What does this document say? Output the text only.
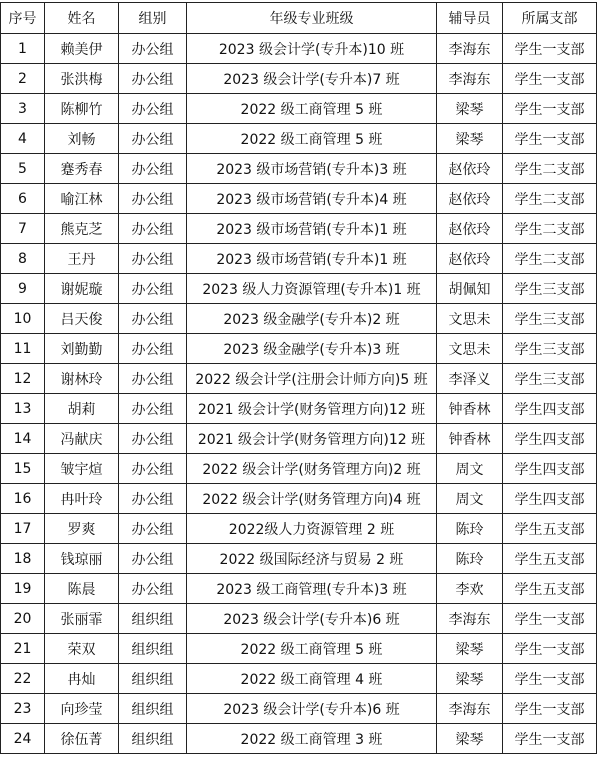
序号	姓名	组别	年级专业班级	辅导员	所属支部
1	赖美伊	办公组	2023 级会计学(专升本)10 班	李海东	学生一支部
2	张洪梅	办公组	2023 级会计学(专升本)7 班	李海东	学生一支部
3	陈柳竹	办公组	2022 级工商管理 5 班	梁琴	学生一支部
4	刘畅	办公组	2022 级工商管理 5 班	梁琴	学生一支部
5	蹇秀春	办公组	2023 级市场营销(专升本)3 班	赵依玲	学生二支部
6	喻江林	办公组	2023 级市场营销(专升本)4 班	赵依玲	学生二支部
7	熊克芝	办公组	2023 级市场营销(专升本)1 班	赵依玲	学生二支部
8	王丹	办公组	2023 级市场营销(专升本)1 班	赵依玲	学生二支部
9	谢妮璇	办公组	2023 级人力资源管理(专升本)1 班	胡佩知	学生三支部
10	吕天俊	办公组	2023 级金融学(专升本)2 班	文思未	学生三支部
11	刘勤勤	办公组	2023 级金融学(专升本)3 班	文思未	学生三支部
12	谢林玲	办公组	2022 级会计学(注册会计师方向)5 班	李泽义	学生三支部
13	胡莉	办公组	2021 级会计学(财务管理方向)12 班	钟香林	学生四支部
14	冯献庆	办公组	2021 级会计学(财务管理方向)12 班	钟香林	学生四支部
15	皱宇煊	办公组	2022 级会计学(财务管理方向)2 班	周文	学生四支部
16	冉叶玲	办公组	2022 级会计学(财务管理方向)4 班	周文	学生四支部
17	罗爽	办公组	2022级人力资源管理 2 班	陈玲	学生五支部
18	钱琼丽	办公组	2022 级国际经济与贸易 2 班	陈玲	学生五支部
19	陈晨	办公组	2023 级工商管理(专升本)3 班	李欢	学生五支部
20	张丽霏	组织组	2023 级会计学(专升本)6 班	李海东	学生一支部
21	荣双	组织组	2022 级工商管理 5 班	梁琴	学生一支部
22	冉灿	组织组	2022 级工商管理 4 班	梁琴	学生一支部
23	向珍莹	组织组	2023 级会计学(专升本)6 班	李海东	学生一支部
24	徐伍菁	组织组	2022 级工商管理 3 班	梁琴	学生一支部
